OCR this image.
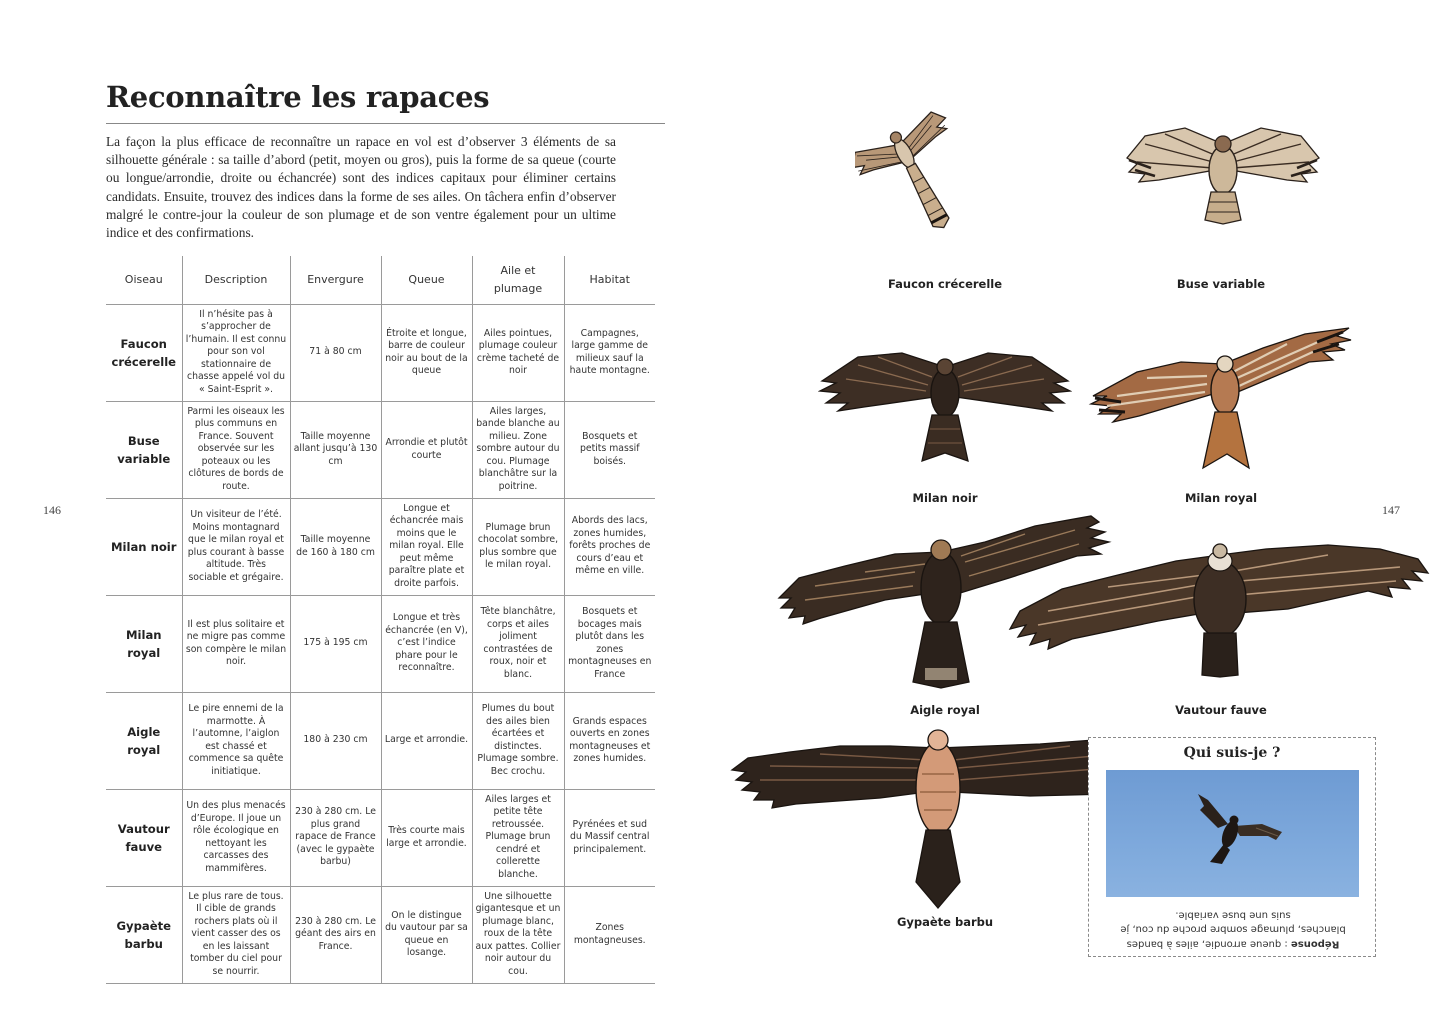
Reconnaître les rapaces

La façon la plus efficace de reconnaître un rapace en vol est d’observer 3 éléments de sa silhouette générale : sa taille d’abord (petit, moyen ou gros), puis la forme de sa queue (courte ou longue/arrondie, droite ou échancrée) sont des indices capitaux pour éliminer certains candidats. Ensuite, trouvez des indices dans la forme de ses ailes. On tâchera enfin d’observer malgré le contre-jour la couleur de son plumage et de son ventre également pour un ultime indice et des confirmations.

Oiseau	Description	Envergure	Queue	Aile et plumage	Habitat
Faucon crécerelle	Il n’hésite pas à s’approcher de l’humain. Il est connu pour son vol stationnaire de chasse appelé vol du « Saint-Esprit ».	71 à 80 cm	Étroite et longue, barre de couleur noir au bout de la queue	Ailes pointues, plumage couleur crème tacheté de noir	Campagnes, large gamme de milieux sauf la haute montagne.
Buse variable	Parmi les oiseaux les plus communs en France. Souvent observée sur les poteaux ou les clôtures de bords de route.	Taille moyenne allant jusqu’à 130 cm	Arrondie et plutôt courte	Ailes larges, bande blanche au milieu. Zone sombre autour du cou. Plumage blanchâtre sur la poitrine.	Bosquets et petits massif boisés.
Milan noir	Un visiteur de l’été. Moins montagnard que le milan royal et plus courant à basse altitude. Très sociable et grégaire.	Taille moyenne de 160 à 180 cm	Longue et échancrée mais moins que le milan royal. Elle peut même paraître plate et droite parfois.	Plumage brun chocolat sombre, plus sombre que le milan royal.	Abords des lacs, zones humides, forêts proches de cours d’eau et même en ville.
Milan royal	Il est plus solitaire et ne migre pas comme son compère le milan noir.	175 à 195 cm	Longue et très échancrée (en V), c’est l’indice phare pour le reconnaître.	Tête blanchâtre, corps et ailes joliment contrastées de roux, noir et blanc.	Bosquets et bocages mais plutôt dans les zones montagneuses en France
Aigle royal	Le pire ennemi de la marmotte. À l’automne, l’aiglon est chassé et commence sa quête initiatique.	180 à 230 cm	Large et arrondie.	Plumes du bout des ailes bien écartées et distinctes. Plumage sombre. Bec crochu.	Grands espaces ouverts en zones montagneuses et zones humides.
Vautour fauve	Un des plus menacés d’Europe. Il joue un rôle écologique en nettoyant les carcasses des mammifères.	230 à 280 cm. Le plus grand rapace de France (avec le gypaète barbu)	Très courte mais large et arrondie.	Ailes larges et petite tête retroussée. Plumage brun cendré et collerette blanche.	Pyrénées et sud du Massif central principalement.
Gypaète barbu	Le plus rare de tous. Il cible de grands rochers plats où il vient casser des os en les laissant tomber du ciel pour se nourrir.	230 à 280 cm. Le géant des airs en France.	On le distingue du vautour par sa queue en losange.	Une silhouette gigantesque et un plumage blanc, roux de la tête aux pattes. Collier noir autour du cou.	Zones montagneuses.
146	147
Faucon crécerelle	Buse variable
Milan noir	Milan royal
Aigle royal	Vautour fauve
Gypaète barbu
Qui suis-je ?
Réponse : queue arrondie, ailes à bandes blanches, plumage sombre proche du cou, je suis une buse variable.
